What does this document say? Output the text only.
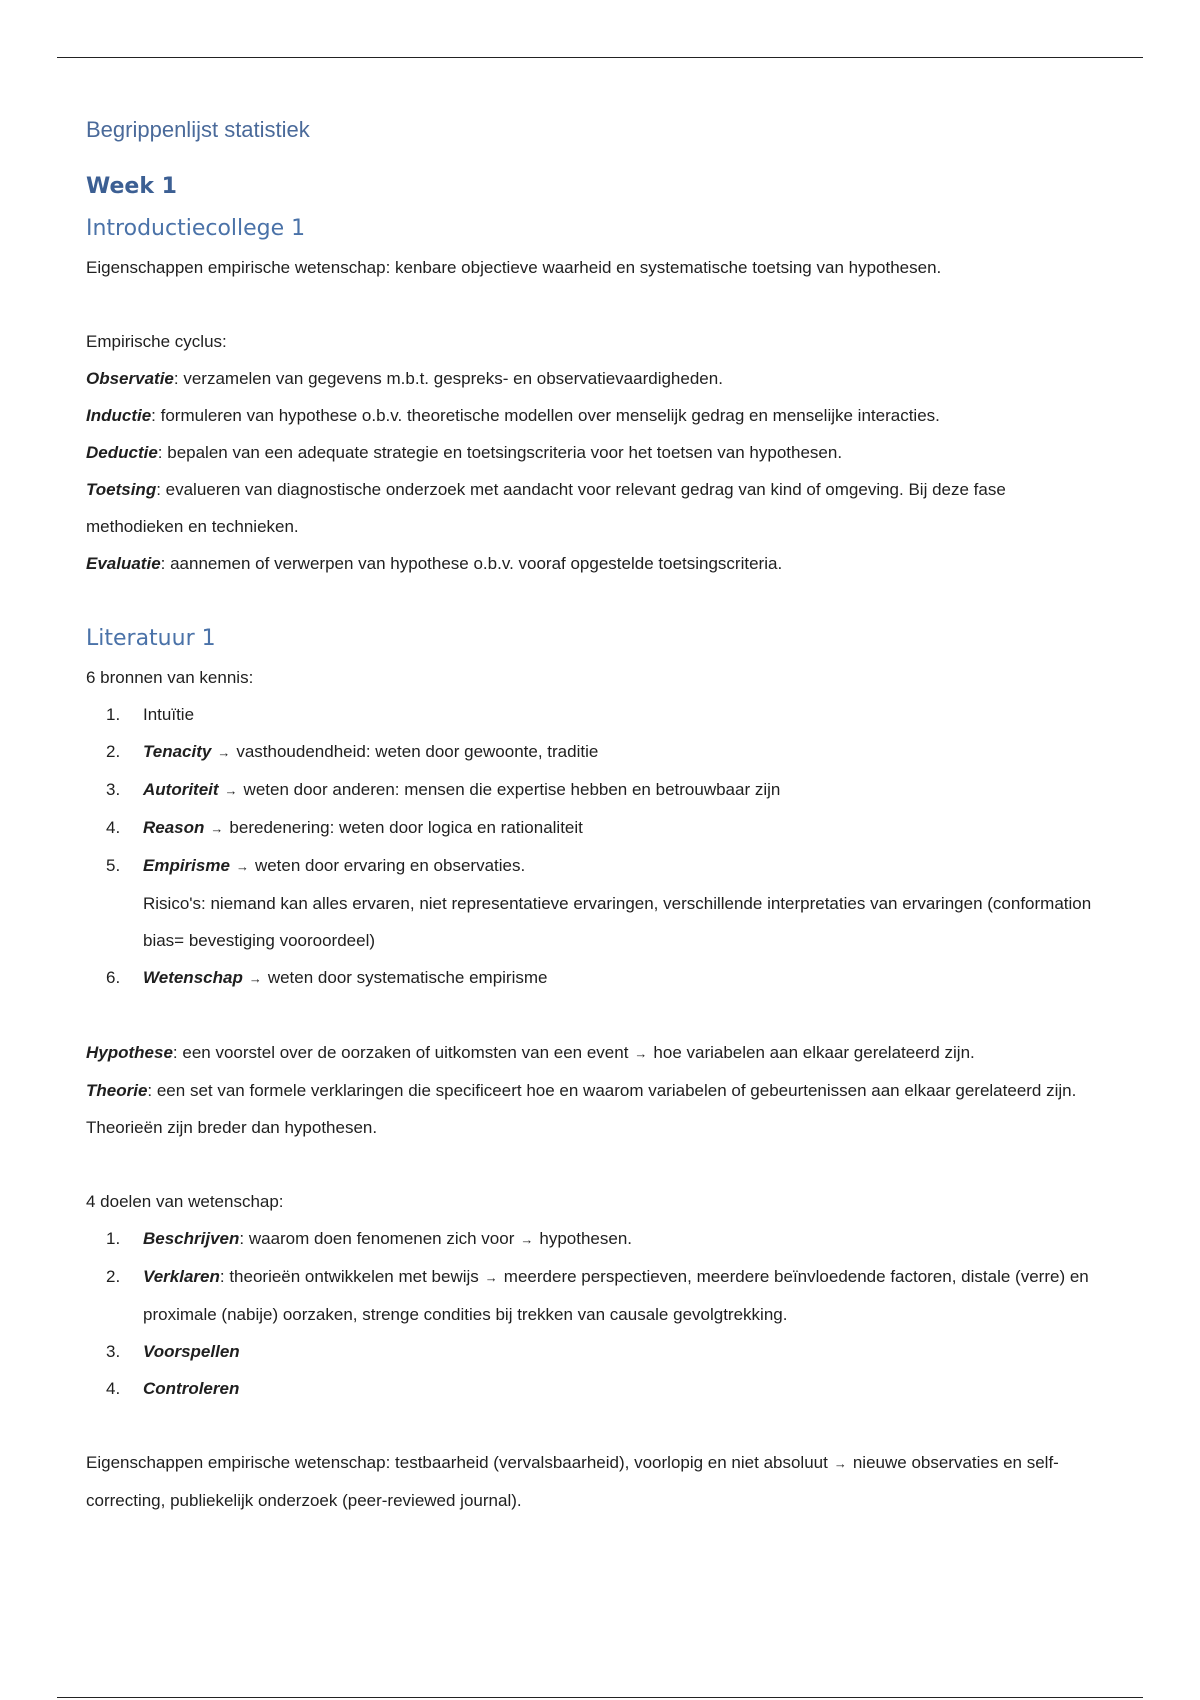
Begrippenlijst statistiek
Week 1
Introductiecollege 1

Eigenschappen empirische wetenschap: kenbare objectieve waarheid en systematische toetsing van hypothesen.

Empirische cyclus:

Observatie: verzamelen van gegevens m.b.t. gespreks- en observatievaardigheden.

Inductie: formuleren van hypothese o.b.v. theoretische modellen over menselijk gedrag en menselijke interacties.

Deductie: bepalen van een adequate strategie en toetsingscriteria voor het toetsen van hypothesen.

Toetsing: evalueren van diagnostische onderzoek met aandacht voor relevant gedrag van kind of omgeving. Bij deze fase

methodieken en technieken.

Evaluatie: aannemen of verwerpen van hypothese o.b.v. vooraf opgestelde toetsingscriteria.

Literatuur 1

6 bronnen van kennis:

1. Intuïtie
2. Tenacity → vasthoudendheid: weten door gewoonte, traditie
3. Autoriteit → weten door anderen: mensen die expertise hebben en betrouwbaar zijn
4. Reason → beredenering: weten door logica en rationaliteit
5. Empirisme → weten door ervaring en observaties.
Risico's: niemand kan alles ervaren, niet representatieve ervaringen, verschillende interpretaties van ervaringen (conformation
bias= bevestiging vooroordeel)
6. Wetenschap → weten door systematische empirisme

Hypothese: een voorstel over de oorzaken of uitkomsten van een event → hoe variabelen aan elkaar gerelateerd zijn.

Theorie: een set van formele verklaringen die specificeert hoe en waarom variabelen of gebeurtenissen aan elkaar gerelateerd zijn.

Theorieën zijn breder dan hypothesen.

4 doelen van wetenschap:

1. Beschrijven: waarom doen fenomenen zich voor → hypothesen.
2. Verklaren: theorieën ontwikkelen met bewijs → meerdere perspectieven, meerdere beïnvloedende factoren, distale (verre) en
proximale (nabije) oorzaken, strenge condities bij trekken van causale gevolgtrekking.
3. Voorspellen
4. Controleren

Eigenschappen empirische wetenschap: testbaarheid (vervalsbaarheid), voorlopig en niet absoluut → nieuwe observaties en self-

correcting, publiekelijk onderzoek (peer-reviewed journal).
